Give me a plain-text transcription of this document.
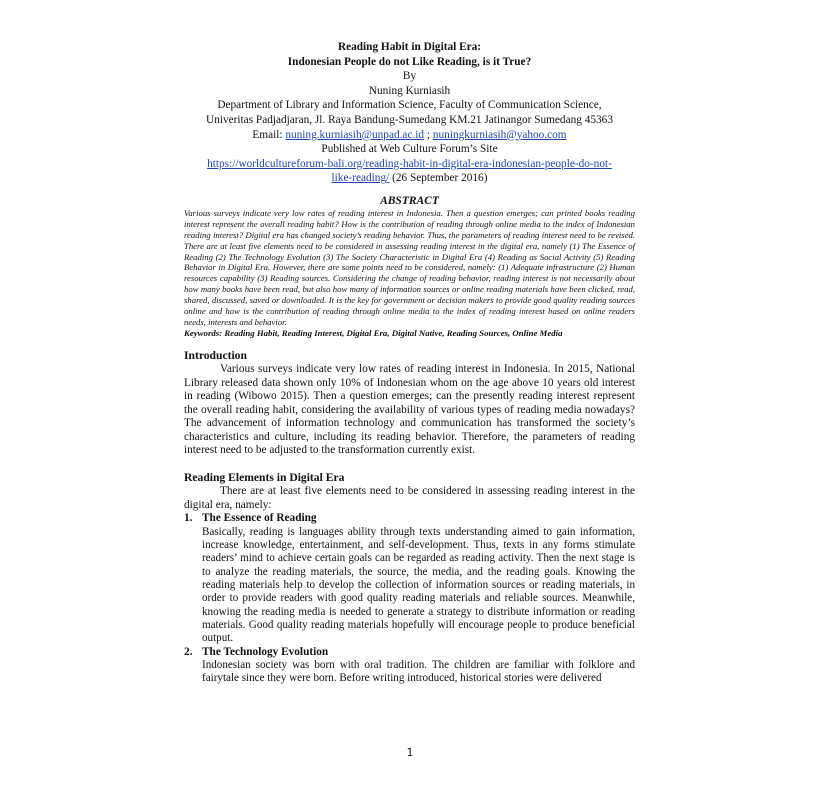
Reading Habit in Digital Era:
Indonesian People do not Like Reading, is it True?
By
Nuning Kurniasih
Department of Library and Information Science, Faculty of Communication Science,
Univeritas Padjadjaran, Jl. Raya Bandung-Sumedang KM.21 Jatinangor Sumedang 45363
Email: nuning.kurniasih@unpad.ac.id ; nuningkurniasih@yahoo.com
Published at Web Culture Forum’s Site
https://worldcultureforum-bali.org/reading-habit-in-digital-era-indonesian-people-do-not-
like-reading/ (26 September 2016)
ABSTRACT
Various surveys indicate very low rates of reading interest in Indonesia. Then a question emerges; can printed books reading interest represent the overall reading habit? How is the contribution of reading through online media to the index of Indonesian reading interest? Digital era has changed society’s reading behavior. Thus, the parameters of reading interest need to be revised. There are at least five elements need to be considered in assessing reading interest in the digital era, namely (1) The Essence of Reading (2) The Technology Evolution (3) The Society Characteristic in Digital Era (4) Reading as Social Activity (5) Reading Behavior in Digital Era. However, there are some points need to be considered, namely: (1) Adequate infrastructure (2) Human resources capability (3) Reading sources. Considering the change of reading behavior, reading interest is not necessarily about how many books have been read, but also how many of information sources or online reading materials have been clicked, read, shared, discussed, saved or downloaded. It is the key for government or decision makers to provide good quality reading sources online and how is the contribution of reading through online media to the index of reading interest based on online readers needs, interests and behavior.
Keywords: Reading Habit, Reading Interest, Digital Era, Digital Native, Reading Sources, Online Media
Introduction
Various surveys indicate very low rates of reading interest in Indonesia. In 2015, National Library released data shown only 10% of Indonesian whom on the age above 10 years old interest in reading (Wibowo 2015). Then a question emerges; can the presently reading interest represent the overall reading habit, considering the availability of various types of reading media nowadays? The advancement of information technology and communication has transformed the society’s characteristics and culture, including its reading behavior. Therefore, the parameters of reading interest need to be adjusted to the transformation currently exist.
Reading Elements in Digital Era
There are at least five elements need to be considered in assessing reading interest in the digital era, namely:
1. The Essence of Reading
Basically, reading is languages ability through texts understanding aimed to gain information, increase knowledge, entertainment, and self-development. Thus, texts in any forms stimulate readers’ mind to achieve certain goals can be regarded as reading activity. Then the next stage is to analyze the reading materials, the source, the media, and the reading goals. Knowing the reading materials help to develop the collection of information sources or reading materials, in order to provide readers with good quality reading materials and reliable sources. Meanwhile, knowing the reading media is needed to generate a strategy to distribute information or reading materials. Good quality reading materials hopefully will encourage people to produce beneficial output.
2. The Technology Evolution
Indonesian society was born with oral tradition. The children are familiar with folklore and fairytale since they were born. Before writing introduced, historical stories were delivered
1
